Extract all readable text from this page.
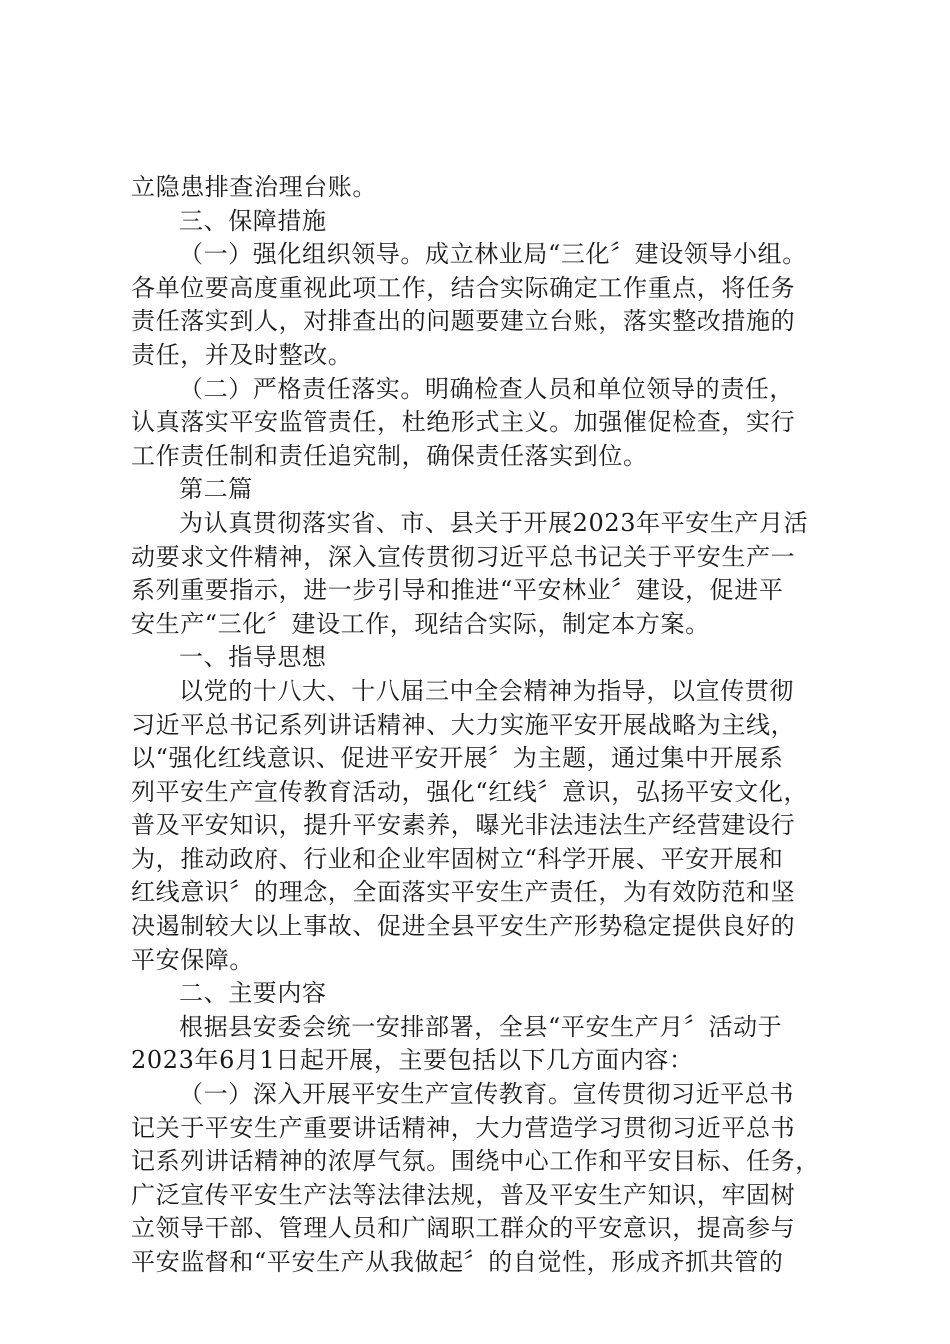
立隐患排查治理台账。
三、保障措施
（一）强化组织领导。成立林业局“三化〞建设领导小组。
各单位要高度重视此项工作，结合实际确定工作重点，将任务
责任落实到人，对排查出的问题要建立台账，落实整改措施的
责任，并及时整改。
（二）严格责任落实。明确检查人员和单位领导的责任，
认真落实平安监管责任，杜绝形式主义。加强催促检查，实行
工作责任制和责任追究制，确保责任落实到位。
第二篇
为认真贯彻落实省、市、县关于开展2023年平安生产月活
动要求文件精神，深入宣传贯彻习近平总书记关于平安生产一
系列重要指示，进一步引导和推进“平安林业〞建设，促进平
安生产“三化〞建设工作，现结合实际，制定本方案。
一、指导思想
以党的十八大、十八届三中全会精神为指导，以宣传贯彻
习近平总书记系列讲话精神、大力实施平安开展战略为主线，
以“强化红线意识、促进平安开展〞为主题，通过集中开展系
列平安生产宣传教育活动，强化“红线〞意识，弘扬平安文化，
普及平安知识，提升平安素养，曝光非法违法生产经营建设行
为，推动政府、行业和企业牢固树立“科学开展、平安开展和
红线意识〞的理念，全面落实平安生产责任，为有效防范和坚
决遏制较大以上事故、促进全县平安生产形势稳定提供良好的
平安保障。
二、主要内容
根据县安委会统一安排部署，全县“平安生产月〞活动于
2023年6月1日起开展，主要包括以下几方面内容：
（一）深入开展平安生产宣传教育。宣传贯彻习近平总书
记关于平安生产重要讲话精神，大力营造学习贯彻习近平总书
记系列讲话精神的浓厚气氛。围绕中心工作和平安目标、任务，
广泛宣传平安生产法等法律法规，普及平安生产知识，牢固树
立领导干部、管理人员和广阔职工群众的平安意识，提高参与
平安监督和“平安生产从我做起〞的自觉性，形成齐抓共管的
